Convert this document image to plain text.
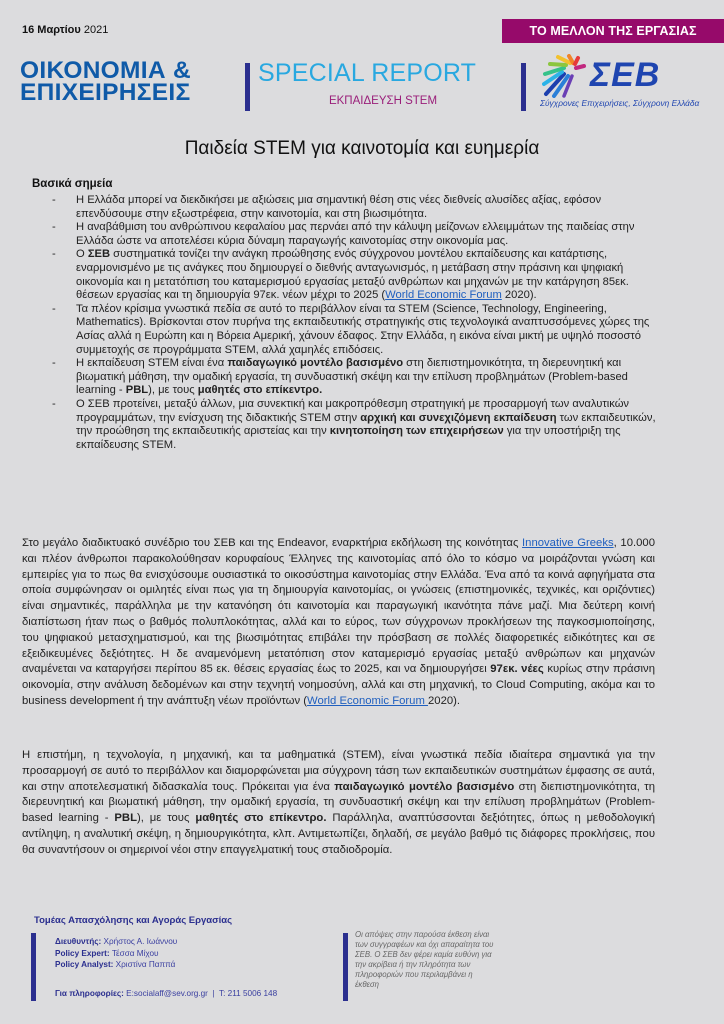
16 Μαρτίου 2021	ΤΟ ΜΕΛΛΟΝ ΤΗΣ ΕΡΓΑΣΙΑΣ
ΟΙΚΟΝΟΜΙΑ &
ΕΠΙΧΕΙΡΗΣΕΙΣ
SPECIAL REPORT
ΕΚΠΑΙΔΕΥΣΗ STEM
ΣΕΒ
Σύγχρονες Επιχειρήσεις, Σύγχρονη Ελλάδα
Παιδεία STEM για καινοτομία και ευημερία
Βασικά σημεία
- Η Ελλάδα μπορεί να διεκδικήσει με αξιώσεις μια σημαντική θέση στις νέες διεθνείς αλυσίδες αξίας, εφόσον επενδύσουμε στην εξωστρέφεια, στην καινοτομία, και στη βιωσιμότητα.
- Η αναβάθμιση του ανθρώπινου κεφαλαίου μας περνάει από την κάλυψη μείζονων ελλειμμάτων της παιδείας στην Ελλάδα ώστε να αποτελέσει κύρια δύναμη παραγωγής καινοτομίας στην οικονομία μας.
- Ο ΣΕΒ συστηματικά τονίζει την ανάγκη προώθησης ενός σύγχρονου μοντέλου εκπαίδευσης και κατάρτισης, εναρμονισμένο με τις ανάγκες που δημιουργεί ο διεθνής ανταγωνισμός, η μετάβαση στην πράσινη και ψηφιακή οικονομία και η μετατόπιση του καταμερισμού εργασίας μεταξύ ανθρώπων και μηχανών με την κατάργηση 85εκ. θέσεων εργασίας και τη δημιουργία 97εκ. νέων μέχρι το 2025 (World Economic Forum 2020).
- Τα πλέον κρίσιμα γνωστικά πεδία σε αυτό το περιβάλλον είναι τα STEM (Science, Technology, Engineering, Mathematics). Βρίσκονται στον πυρήνα της εκπαιδευτικής στρατηγικής στις τεχνολογικά αναπτυσσόμενες χώρες της Ασίας αλλά η Ευρώπη και η Βόρεια Αμερική, χάνουν έδαφος. Στην Ελλάδα, η εικόνα είναι μικτή με υψηλό ποσοστό συμμετοχής σε προγράμματα STEM, αλλά χαμηλές επιδόσεις.
- Η εκπαίδευση STEM είναι ένα παιδαγωγικό μοντέλο βασισμένο στη διεπιστημονικότητα, τη διερευνητική και βιωματική μάθηση, την ομαδική εργασία, τη συνδυαστική σκέψη και την επίλυση προβλημάτων (Problem-based learning - PBL), με τους μαθητές στο επίκεντρο.
- Ο ΣΕΒ προτείνει, μεταξύ άλλων, μια συνεκτική και μακροπρόθεσμη στρατηγική με προσαρμογή των αναλυτικών προγραμμάτων, την ενίσχυση της διδακτικής STEM στην αρχική και συνεχιζόμενη εκπαίδευση των εκπαιδευτικών, την προώθηση της εκπαιδευτικής αριστείας και την κινητοποίηση των επιχειρήσεων για την υποστήριξη της εκπαίδευσης STEM.

Στο μεγάλο διαδικτυακό συνέδριο του ΣΕΒ και της Endeavor, εναρκτήρια εκδήλωση της κοινότητας Innovative Greeks, 10.000 και πλέον άνθρωποι παρακολούθησαν κορυφαίους Έλληνες της καινοτομίας από όλο το κόσμο να μοιράζονται γνώση και εμπειρίες για το πως θα ενισχύσουμε ουσιαστικά το οικοσύστημα καινοτομίας στην Ελλάδα. Ένα από τα κοινά αφηγήματα στα οποία συμφώνησαν οι ομιλητές είναι πως για τη δημιουργία καινοτομίας, οι γνώσεις (επιστημονικές, τεχνικές, και οριζόντιες) είναι σημαντικές, παράλληλα με την κατανόηση ότι καινοτομία και παραγωγική ικανότητα πάνε μαζί. Μια δεύτερη κοινή διαπίστωση ήταν πως ο βαθμός πολυπλοκότητας, αλλά και το εύρος, των σύγχρονων προκλήσεων της παγκοσμιοποίησης, του ψηφιακού μετασχηματισμού, και της βιωσιμότητας επιβάλει την πρόσβαση σε πολλές διαφορετικές ειδικότητες και σε εξειδικευμένες δεξιότητες. Η δε αναμενόμενη μετατόπιση στον καταμερισμό εργασίας μεταξύ ανθρώπων και μηχανών αναμένεται να καταργήσει περίπου 85 εκ. θέσεις εργασίας έως το 2025, και να δημιουργήσει 97εκ. νέες κυρίως στην πράσινη οικονομία, στην ανάλυση δεδομένων και στην τεχνητή νοημοσύνη, αλλά και στη μηχανική, το Cloud Computing, ακόμα και το business development ή την ανάπτυξη νέων προϊόντων (World Economic Forum 2020).

Η επιστήμη, η τεχνολογία, η μηχανική, και τα μαθηματικά (STEM), είναι γνωστικά πεδία ιδιαίτερα σημαντικά για την προσαρμογή σε αυτό το περιβάλλον και διαμορφώνεται μια σύγχρονη τάση των εκπαιδευτικών συστημάτων έμφασης σε αυτά, και στην αποτελεσματική διδασκαλία τους. Πρόκειται για ένα παιδαγωγικό μοντέλο βασισμένο στη διεπιστημονικότητα, τη διερευνητική και βιωματική μάθηση, την ομαδική εργασία, τη συνδυαστική σκέψη και την επίλυση προβλημάτων (Problem-based learning - PBL), με τους μαθητές στο επίκεντρο. Παράλληλα, αναπτύσσονται δεξιότητες, όπως η μεθοδολογική αντίληψη, η αναλυτική σκέψη, η δημιουργικότητα, κλπ. Αντιμετωπίζει, δηλαδή, σε μεγάλο βαθμό τις διάφορες προκλήσεις, που θα συναντήσουν οι σημερινοί νέοι στην επαγγελματική τους σταδιοδρομία.

Τομέας Απασχόλησης και Αγοράς Εργασίας
Διευθυντής: Χρήστος Α. Ιωάννου
Policy Expert: Τέσσα Μίχου
Policy Analyst: Χριστίνα Παππά
Για πληροφορίες: E:socialaff@sev.org.gr  |  T: 211 5006 148
Οι απόψεις στην παρούσα έκθεση είναι των συγγραφέων και όχι απαραίτητα του ΣΕΒ. Ο ΣΕΒ δεν φέρει καμία ευθύνη για την ακρίβεια ή την πληρότητα των πληροφοριών που περιλαμβάνει η έκθεση
